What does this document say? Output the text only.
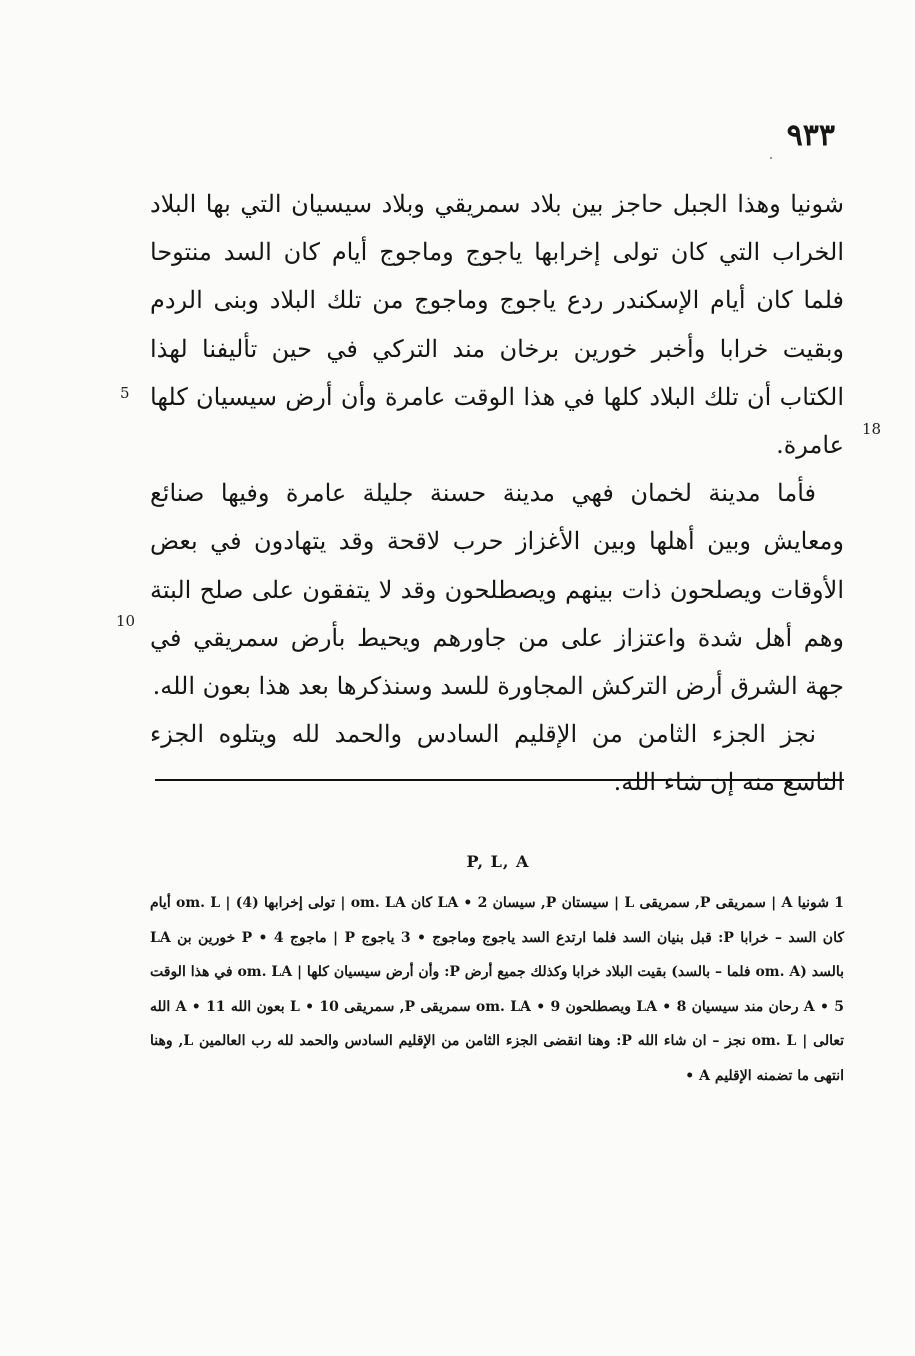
٩٣٣

شونيا وهذا الجبل حاجز بين بلاد سمريقي وبلاد سيسيان التي بها البلاد الخراب التي كان تولى إخرابها ياجوج وماجوج أيام كان السد منتوحا فلما كان أيام الإسكندر ردع ياجوج وماجوج من تلك البلاد وبنى الردم وبقيت خرابا وأخبر خورين برخان مند التركي في حين تأليفنا لهذا الكتاب أن تلك البلاد كلها في هذا الوقت عامرة وأن أرض سيسيان كلها عامرة.

فأما مدينة لخمان فهي مدينة حسنة جليلة عامرة وفيها صنائع ومعايش وبين أهلها وبين الأغزاز حرب لاقحة وقد يتهادون في بعض الأوقات ويصلحون ذات بينهم ويصطلحون وقد لا يتفقون على صلح البتة وهم أهل شدة واعتزاز على من جاورهم ويحيط بأرض سمريقي في جهة الشرق أرض التركش المجاورة للسد وسنذكرها بعد هذا بعون الله.

نجز الجزء الثامن من الإقليم السادس والحمد لله ويتلوه الجزء التاسع منه إن شاء الله.

5
18
10
P, L, A

1 شونيا A | سمريقى P, سمريقى L | سيستان P, سيسان LA • 2 كان om. LA | تولى إخرابها om. L | (4) أيام كان السد – خرابا P: قبل بنيان السد فلما ارتدع السد ياجوج وماجوج • 3 ياجوج P | ماجوج P • 4 خورين بن LA بالسد (om. A فلما – بالسد) بقيت البلاد خرابا وكذلك جميع أرض P: وأن أرض سيسيان كلها | om. LA في هذا الوقت 5 • A رحان مند سيسيان LA • 8 ويصطلحون om. LA • 9 سمريقى P, سمريقى L • 10 بعون الله 11 • A الله تعالى | om. L نجز – ان شاء الله P: وهنا انقضى الجزء الثامن من الإقليم السادس والحمد لله رب العالمين L, وهنا انتهى ما تضمنه الإقليم A •
